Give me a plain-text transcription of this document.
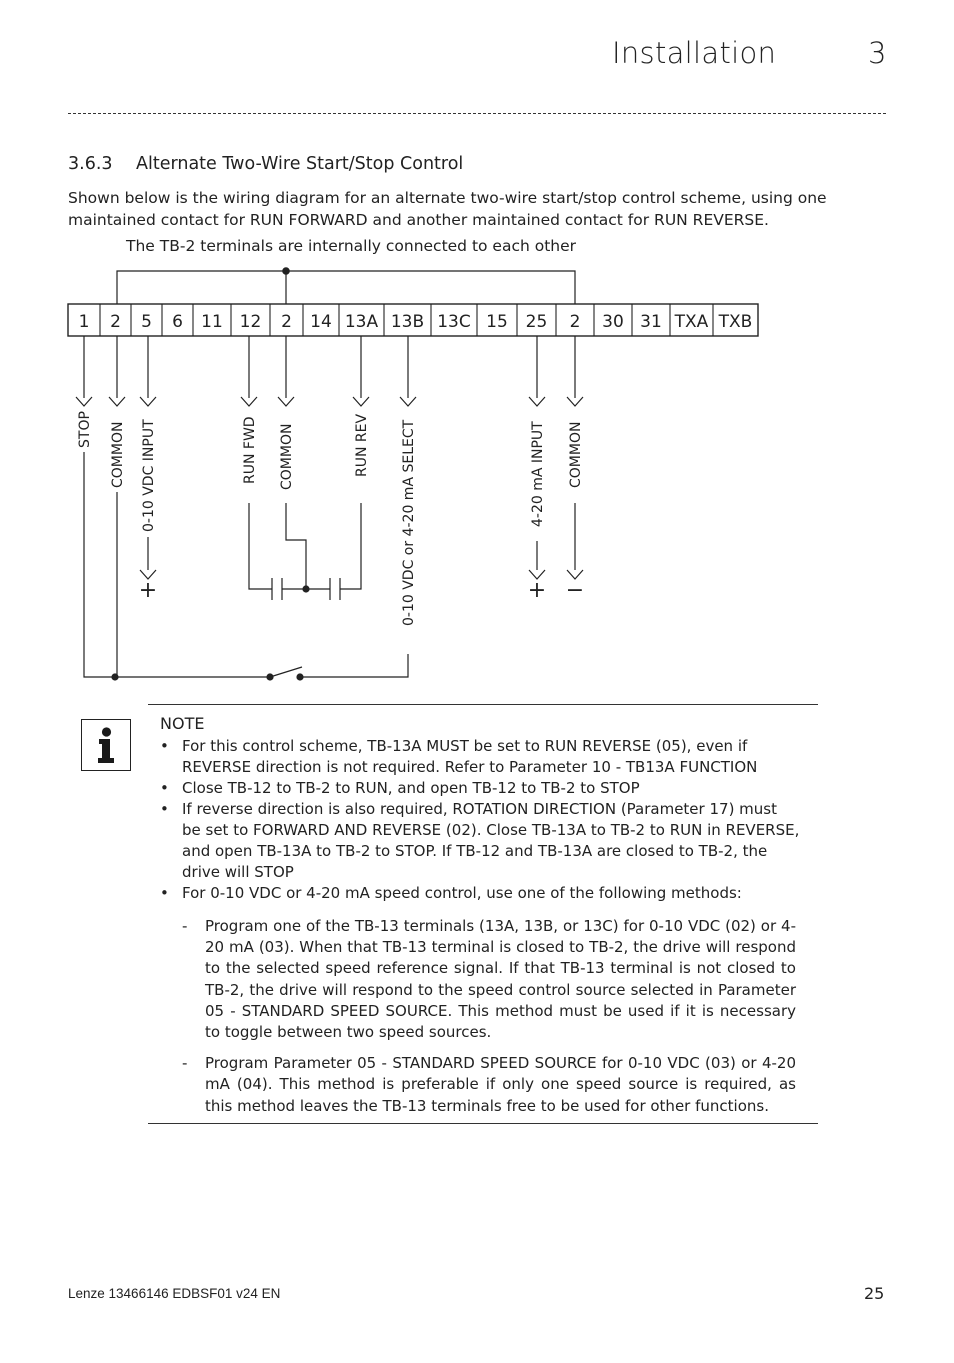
Installation	3
3.6.3 Alternate Two-Wire Start/Stop Control
Shown below is the wiring diagram for an alternate two-wire start/stop control scheme, using one maintained contact for RUN FORWARD and another maintained contact for RUN REVERSE.
The TB-2 terminals are internally connected to each other
1 2 5 6 11 12 2 14 13A 13B 13C 15 25 2 30 31 TXA TXB
STOP COMMON 0-10 VDC INPUT	RUN FWD COMMON	RUN REV 0-10 VDC or 4-20 mA SELECT	4-20 mA INPUT COMMON
+	+ −
NOTE
• For this control scheme, TB-13A MUST be set to RUN REVERSE (05), even if REVERSE direction is not required. Refer to Parameter 10 - TB13A FUNCTION
• Close TB-12 to TB-2 to RUN, and open TB-12 to TB-2 to STOP
• If reverse direction is also required, ROTATION DIRECTION (Parameter 17) must be set to FORWARD AND REVERSE (02). Close TB-13A to TB-2 to RUN in REVERSE, and open TB-13A to TB-2 to STOP. If TB-12 and TB-13A are closed to TB-2, the drive will STOP
• For 0-10 VDC or 4-20 mA speed control, use one of the following methods:
- Program one of the TB-13 terminals (13A, 13B, or 13C) for 0-10 VDC (02) or 4-20 mA (03). When that TB-13 terminal is closed to TB-2, the drive will respond to the selected speed reference signal. If that TB-13 terminal is not closed to TB-2, the drive will respond to the speed control source selected in Parameter 05 - STANDARD SPEED SOURCE. This method must be used if it is necessary to toggle between two speed sources.
- Program Parameter 05 - STANDARD SPEED SOURCE for 0-10 VDC (03) or 4-20 mA (04). This method is preferable if only one speed source is required, as this method leaves the TB-13 terminals free to be used for other functions.
Lenze 13466146 EDBSF01 v24 EN	25
